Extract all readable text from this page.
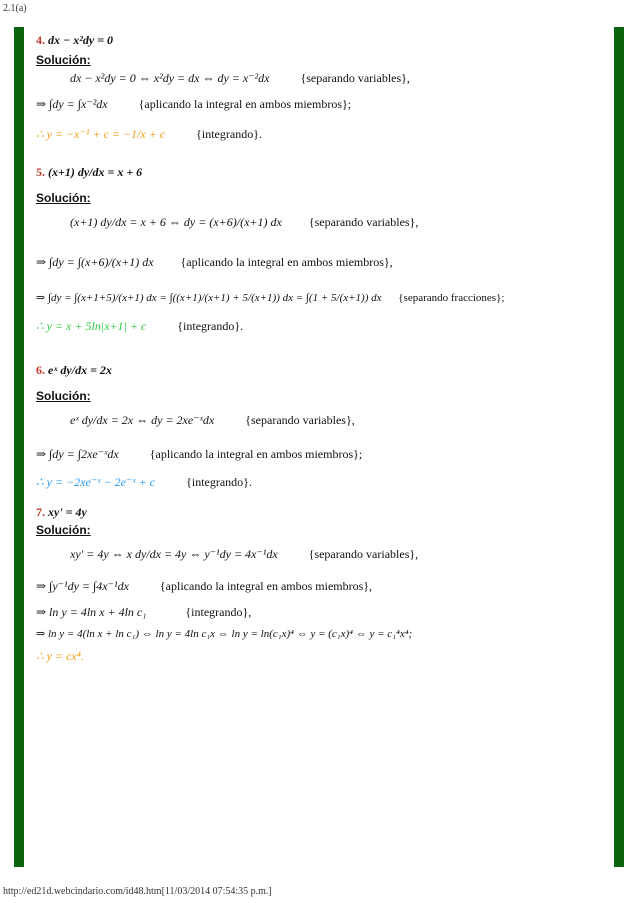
2.1(a)
4. dx − x²dy = 0
Solución:
dx − x²dy = 0 ⇔ x²dy = dx ⇔ dy = x⁻²dx	{separando variables},
⇒ ∫dy = ∫x⁻²dx	{aplicando la integral en ambos miembros};
∴ y = −x⁻¹ + c = −1/x + c	{integrando}.
5. (x+1) dy/dx = x + 6
Solución:
(x+1) dy/dx = x + 6 ⇔ dy = (x+6)/(x+1) dx {separando variables},
⇒ ∫dy = ∫(x+6)/(x+1) dx {aplicando la integral en ambos miembros},
⇒ ∫dy = ∫(x+1+5)/(x+1) dx = ∫((x+1)/(x+1) + 5/(x+1)) dx = ∫(1 + 5/(x+1)) dx {separando fracciones};
∴ y = x + 5ln|x+1| + c	{integrando}.
6. eˣ dy/dx = 2x
Solución:
eˣ dy/dx = 2x ⇔ dy = 2xe⁻ˣdx	{separando variables},
⇒ ∫dy = ∫2xe⁻ˣdx	{aplicando la integral en ambos miembros};
∴ y = −2xe⁻ˣ − 2e⁻ˣ + c	{integrando}.
7. xy' = 4y
Solución:
xy' = 4y ⇔ x dy/dx = 4y ⇔ y⁻¹dy = 4x⁻¹dx	{separando variables},
⇒ ∫y⁻¹dy = ∫4x⁻¹dx	{aplicando la integral en ambos miembros},
⇒ ln y = 4ln x + 4ln c₁	{integrando},
⇒ ln y = 4(ln x + ln c₁) ⇔ ln y = 4ln c₁x ⇔ ln y = ln(c₁x)⁴ ⇔ y = (c₁x)⁴ ⇔ y = c₁⁴x⁴;
∴ y = cx⁴.
http://ed21d.webcindario.com/id48.htm[11/03/2014 07:54:35 p.m.]
